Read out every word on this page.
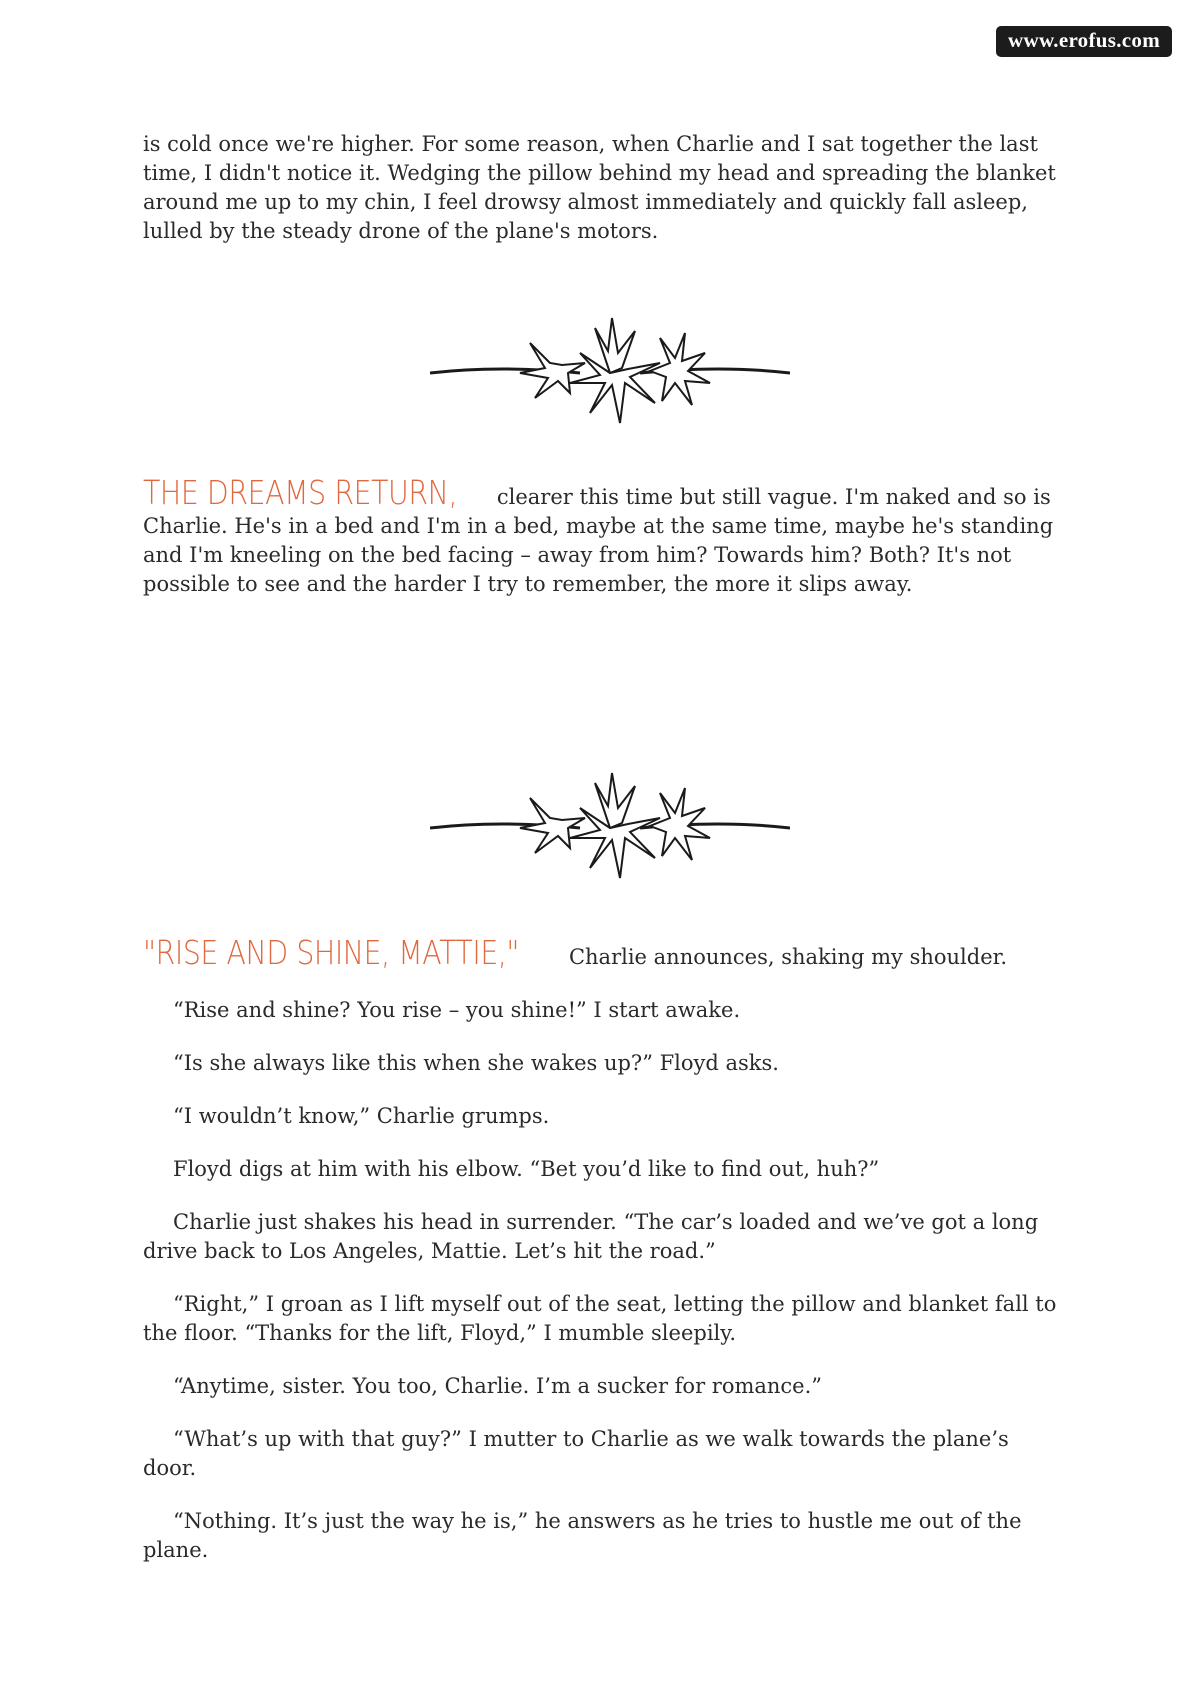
www.erofus.com

is cold once we're higher. For some reason, when Charlie and I sat together the last time, I didn't notice it. Wedging the pillow behind my head and spreading the blanket around me up to my chin, I feel drowsy almost immediately and quickly fall asleep, lulled by the steady drone of the plane's motors.

THE DREAMS RETURN, clearer this time but still vague. I'm naked and so is Charlie. He's in a bed and I'm in a bed, maybe at the same time, maybe he's standing and I'm kneeling on the bed facing – away from him? Towards him? Both? It's not possible to see and the harder I try to remember, the more it slips away.

"RISE AND SHINE, MATTIE," Charlie announces, shaking my shoulder.

“Rise and shine? You rise – you shine!” I start awake.

“Is she always like this when she wakes up?” Floyd asks.

“I wouldn’t know,” Charlie grumps.

Floyd digs at him with his elbow. “Bet you’d like to find out, huh?”

Charlie just shakes his head in surrender. “The car’s loaded and we’ve got a long drive back to Los Angeles, Mattie. Let’s hit the road.”

“Right,” I groan as I lift myself out of the seat, letting the pillow and blanket fall to the floor. “Thanks for the lift, Floyd,” I mumble sleepily.

“Anytime, sister. You too, Charlie. I’m a sucker for romance.”

“What’s up with that guy?” I mutter to Charlie as we walk towards the plane’s door.

“Nothing. It’s just the way he is,” he answers as he tries to hustle me out of the plane.
